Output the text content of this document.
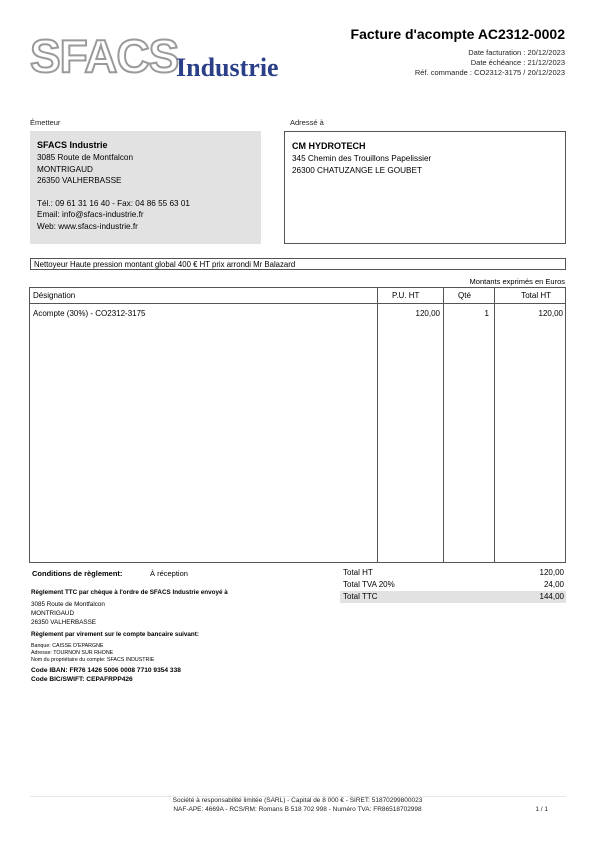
SFACS
Industrie
Facture d'acompte AC2312-0002
Date facturation : 20/12/2023
Date échéance : 21/12/2023
Réf. commande : CO2312-3175 / 20/12/2023
Émetteur	Adressé à
SFACS Industrie
3085 Route de Montfalcon
MONTRIGAUD
26350 VALHERBASSE
Tél.: 09 61 31 16 40 - Fax: 04 86 55 63 01
Email: info@sfacs-industrie.fr
Web: www.sfacs-industrie.fr
CM HYDROTECH
345 Chemin des Trouillons Papelissier
26300 CHATUZANGE LE GOUBET
Nettoyeur Haute pression montant global 400 € HT prix arrondi Mr Balazard
Montants exprimés en Euros
Désignation	P.U. HT	Qté	Total HT
Acompte (30%) - CO2312-3175	120,00	1	120,00
Conditions de règlement:	À réception
Règlement TTC par chèque à l'ordre de SFACS Industrie envoyé à
3085 Route de Montfalcon
MONTRIGAUD
26350 VALHERBASSE
Règlement par virement sur le compte bancaire suivant:
Banque: CAISSE D'EPARGNE
Adresse: TOURNON SUR RHONE
Nom du propriétaire du compte: SFACS INDUSTRIE
Code IBAN: FR76 1426 5006 0008 7710 9354 338
Code BIC/SWIFT: CEPAFRPP426
Total HT	120,00
Total TVA 20%	24,00
Total TTC	144,00
Société à responsabilité limitée (SARL) - Capital de 8 000 € - SIRET: 51870299800023
NAF-APE: 4669A - RCS/RM: Romans B 518 702 998 - Numéro TVA: FR86518702998	1 / 1
